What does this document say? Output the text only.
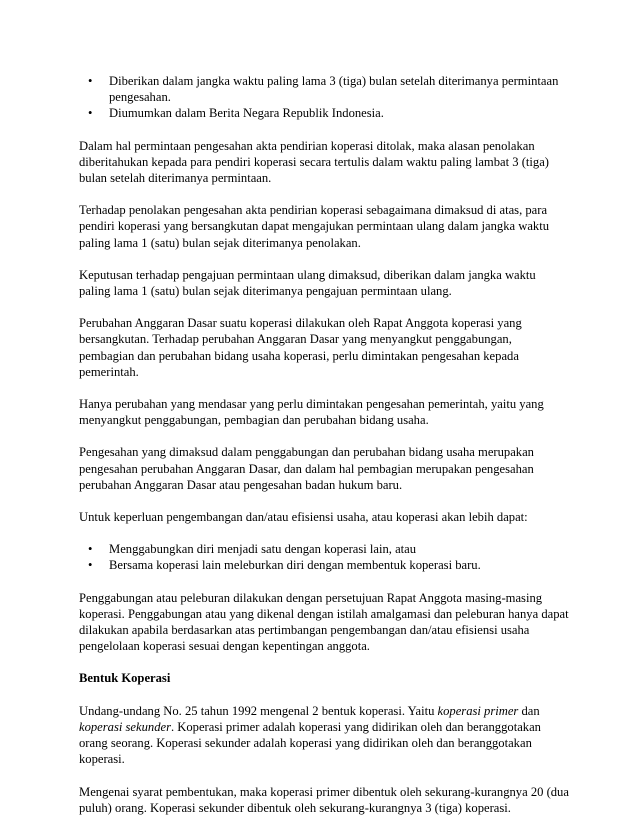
• Diberikan dalam jangka waktu paling lama 3 (tiga) bulan setelah diterimanya permintaan pengesahan.
• Diumumkan dalam Berita Negara Republik Indonesia.

Dalam hal permintaan pengesahan akta pendirian koperasi ditolak, maka alasan penolakan diberitahukan kepada para pendiri koperasi secara tertulis dalam waktu paling lambat 3 (tiga) bulan setelah diterimanya permintaan.

Terhadap penolakan pengesahan akta pendirian koperasi sebagaimana dimaksud di atas, para pendiri koperasi yang bersangkutan dapat mengajukan permintaan ulang dalam jangka waktu paling lama 1 (satu) bulan sejak diterimanya penolakan.

Keputusan terhadap pengajuan permintaan ulang dimaksud, diberikan dalam jangka waktu paling lama 1 (satu) bulan sejak diterimanya pengajuan permintaan ulang.

Perubahan Anggaran Dasar suatu koperasi dilakukan oleh Rapat Anggota koperasi yang bersangkutan. Terhadap perubahan Anggaran Dasar yang menyangkut penggabungan, pembagian dan perubahan bidang usaha koperasi, perlu dimintakan pengesahan kepada pemerintah.

Hanya perubahan yang mendasar yang perlu dimintakan pengesahan pemerintah, yaitu yang menyangkut penggabungan, pembagian dan perubahan bidang usaha.

Pengesahan yang dimaksud dalam penggabungan dan perubahan bidang usaha merupakan pengesahan perubahan Anggaran Dasar, dan dalam hal pembagian merupakan pengesahan perubahan Anggaran Dasar atau pengesahan badan hukum baru.

Untuk keperluan pengembangan dan/atau efisiensi usaha, atau koperasi akan lebih dapat:

• Menggabungkan diri menjadi satu dengan koperasi lain, atau
• Bersama koperasi lain meleburkan diri dengan membentuk koperasi baru.

Penggabungan atau peleburan dilakukan dengan persetujuan Rapat Anggota masing-masing koperasi. Penggabungan atau yang dikenal dengan istilah amalgamasi dan peleburan hanya dapat dilakukan apabila berdasarkan atas pertimbangan pengembangan dan/atau efisiensi usaha pengelolaan koperasi sesuai dengan kepentingan anggota.

Bentuk Koperasi

Undang-undang No. 25 tahun 1992 mengenal 2 bentuk koperasi. Yaitu koperasi primer dan koperasi sekunder. Koperasi primer adalah koperasi yang didirikan oleh dan beranggotakan orang seorang. Koperasi sekunder adalah koperasi yang didirikan oleh dan beranggotakan koperasi.

Mengenai syarat pembentukan, maka koperasi primer dibentuk oleh sekurang-kurangnya 20 (dua puluh) orang. Koperasi sekunder dibentuk oleh sekurang-kurangnya 3 (tiga) koperasi.
